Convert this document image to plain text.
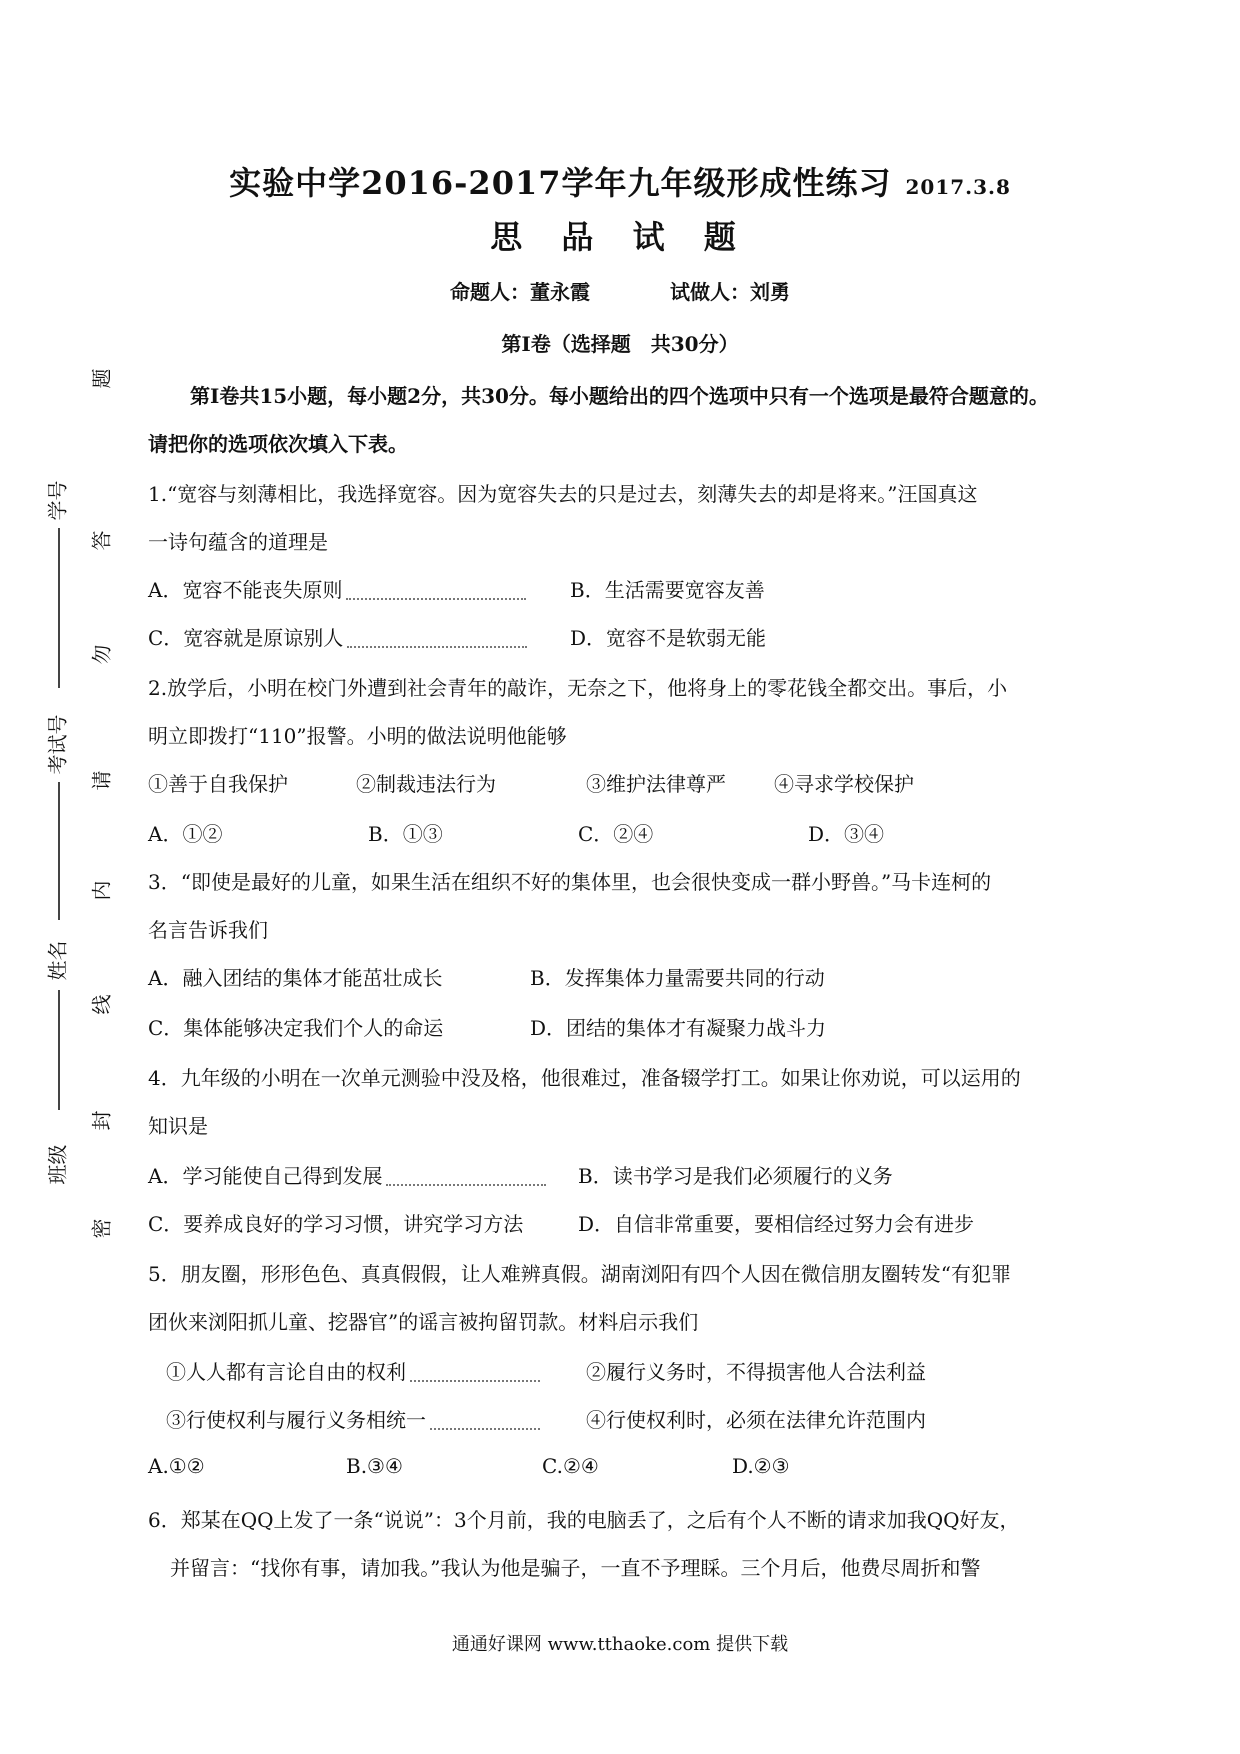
题
答
勿
请
内
线
封
密
学号
考试号
姓名
班级
实验中学2016-2017学年九年级形成性练习 2017.3.8
思 品 试 题
命题人：董永霞	试做人：刘勇
第Ⅰ卷（选择题　共30分）
第Ⅰ卷共15小题，每小题2分，共30分。每小题给出的四个选项中只有一个选项是最符合题意的。
请把你的选项依次填入下表。
1.“宽容与刻薄相比，我选择宽容。因为宽容失去的只是过去，刻薄失去的却是将来。”汪国真这
一诗句蕴含的道理是
A．宽容不能丧失原则	B．生活需要宽容友善
C．宽容就是原谅别人	D．宽容不是软弱无能
2.放学后，小明在校门外遭到社会青年的敲诈，无奈之下，他将身上的零花钱全都交出。事后，小
明立即拨打“110”报警。小明的做法说明他能够
①善于自我保护	②制裁违法行为	③维护法律尊严 ④寻求学校保护
A．①②	B．①③	C．②④	D．③④
3．“即使是最好的儿童，如果生活在组织不好的集体里，也会很快变成一群小野兽。”马卡连柯的
名言告诉我们
A．融入团结的集体才能茁壮成长	B．发挥集体力量需要共同的行动
C．集体能够决定我们个人的命运	D．团结的集体才有凝聚力战斗力
4．九年级的小明在一次单元测验中没及格，他很难过，准备辍学打工。如果让你劝说，可以运用的
知识是
A．学习能使自己得到发展	B．读书学习是我们必须履行的义务
C．要养成良好的学习习惯，讲究学习方法	D．自信非常重要，要相信经过努力会有进步
5．朋友圈，形形色色、真真假假，让人难辨真假。湖南浏阳有四个人因在微信朋友圈转发“有犯罪
团伙来浏阳抓儿童、挖器官”的谣言被拘留罚款。材料启示我们
①人人都有言论自由的权利	②履行义务时，不得损害他人合法利益
③行使权利与履行义务相统一	④行使权利时，必须在法律允许范围内
A.①②	B.③④	C.②④	D.②③
6．郑某在QQ上发了一条“说说”：3个月前，我的电脑丢了，之后有个人不断的请求加我QQ好友，
并留言：“找你有事，请加我。”我认为他是骗子，一直不予理睬。三个月后，他费尽周折和警
通通好课网 www.tthaoke.com 提供下载
